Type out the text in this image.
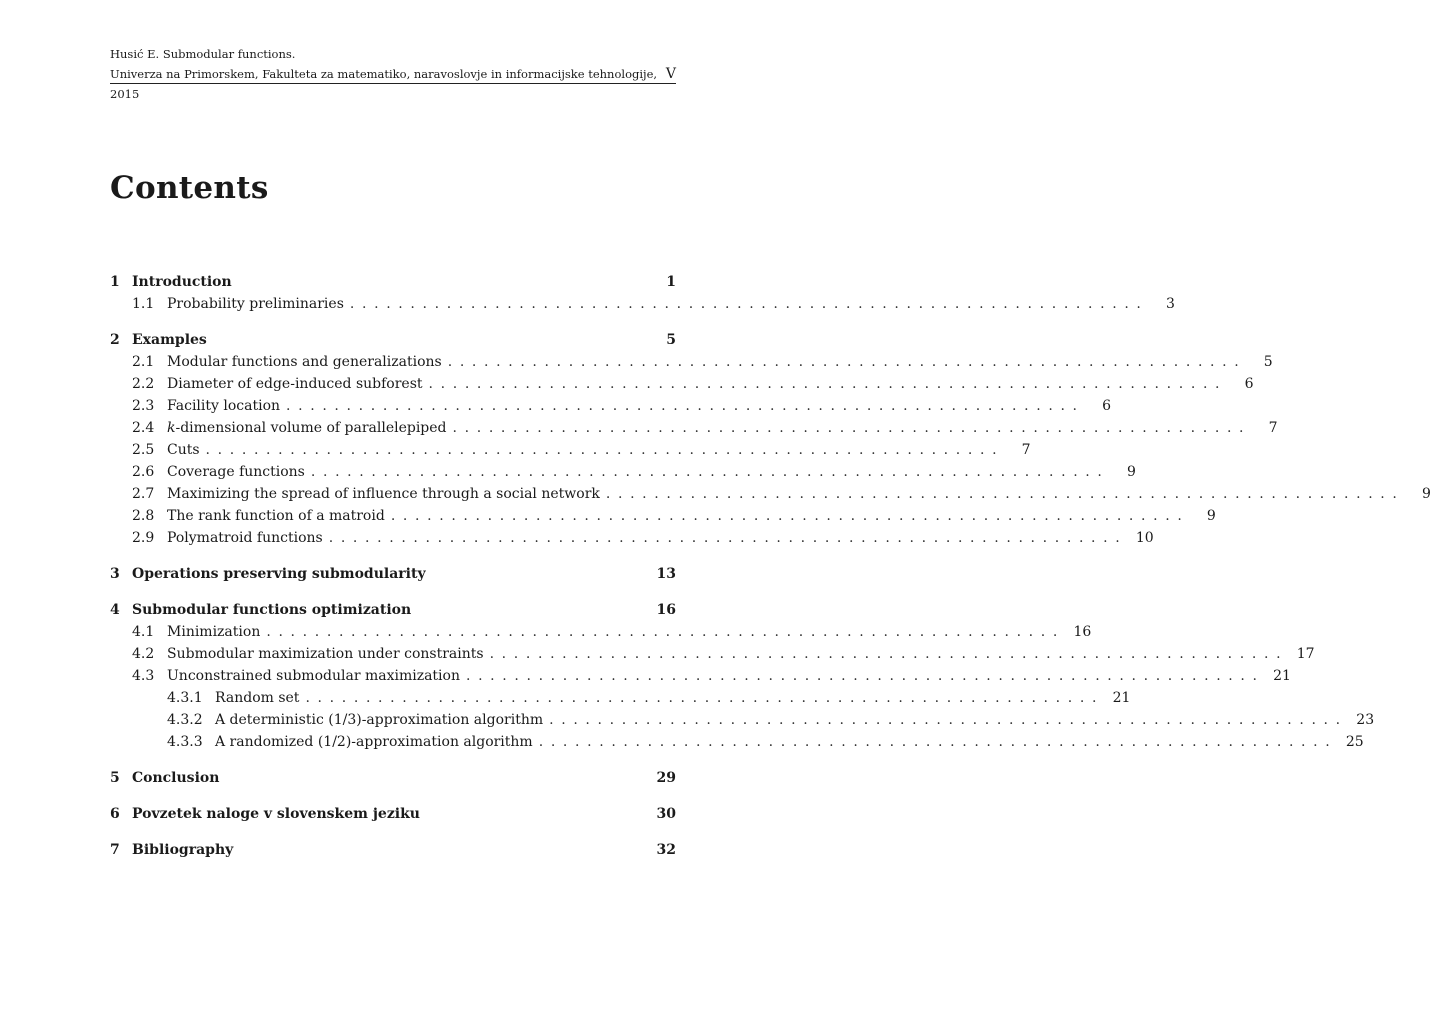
Husić E. Submodular functions.
Univerza na Primorskem, Fakulteta za matematiko, naravoslovje in informacijske tehnologije, 2015
V
Contents
1 Introduction	1
1.1 Probability preliminaries . . .	3
2 Examples	5
2.1 Modular functions and generalizations . . .	5
2.2 Diameter of edge-induced subforest . . .	6
2.3 Facility location . . .	6
2.4 k-dimensional volume of parallelepiped . . .	7
2.5 Cuts . . .	7
2.6 Coverage functions . . .	9
2.7 Maximizing the spread of influence through a social network . . .	9
2.8 The rank function of a matroid . . .	9
2.9 Polymatroid functions . . .	10
3 Operations preserving submodularity	13
4 Submodular functions optimization	16
4.1 Minimization . . .	16
4.2 Submodular maximization under constraints . . .	17
4.3 Unconstrained submodular maximization . . .	21
4.3.1 Random set . . .	21
4.3.2 A deterministic (1/3)-approximation algorithm . . .	23
4.3.3 A randomized (1/2)-approximation algorithm . . .	25
5 Conclusion	29
6 Povzetek naloge v slovenskem jeziku	30
7 Bibliography	32
